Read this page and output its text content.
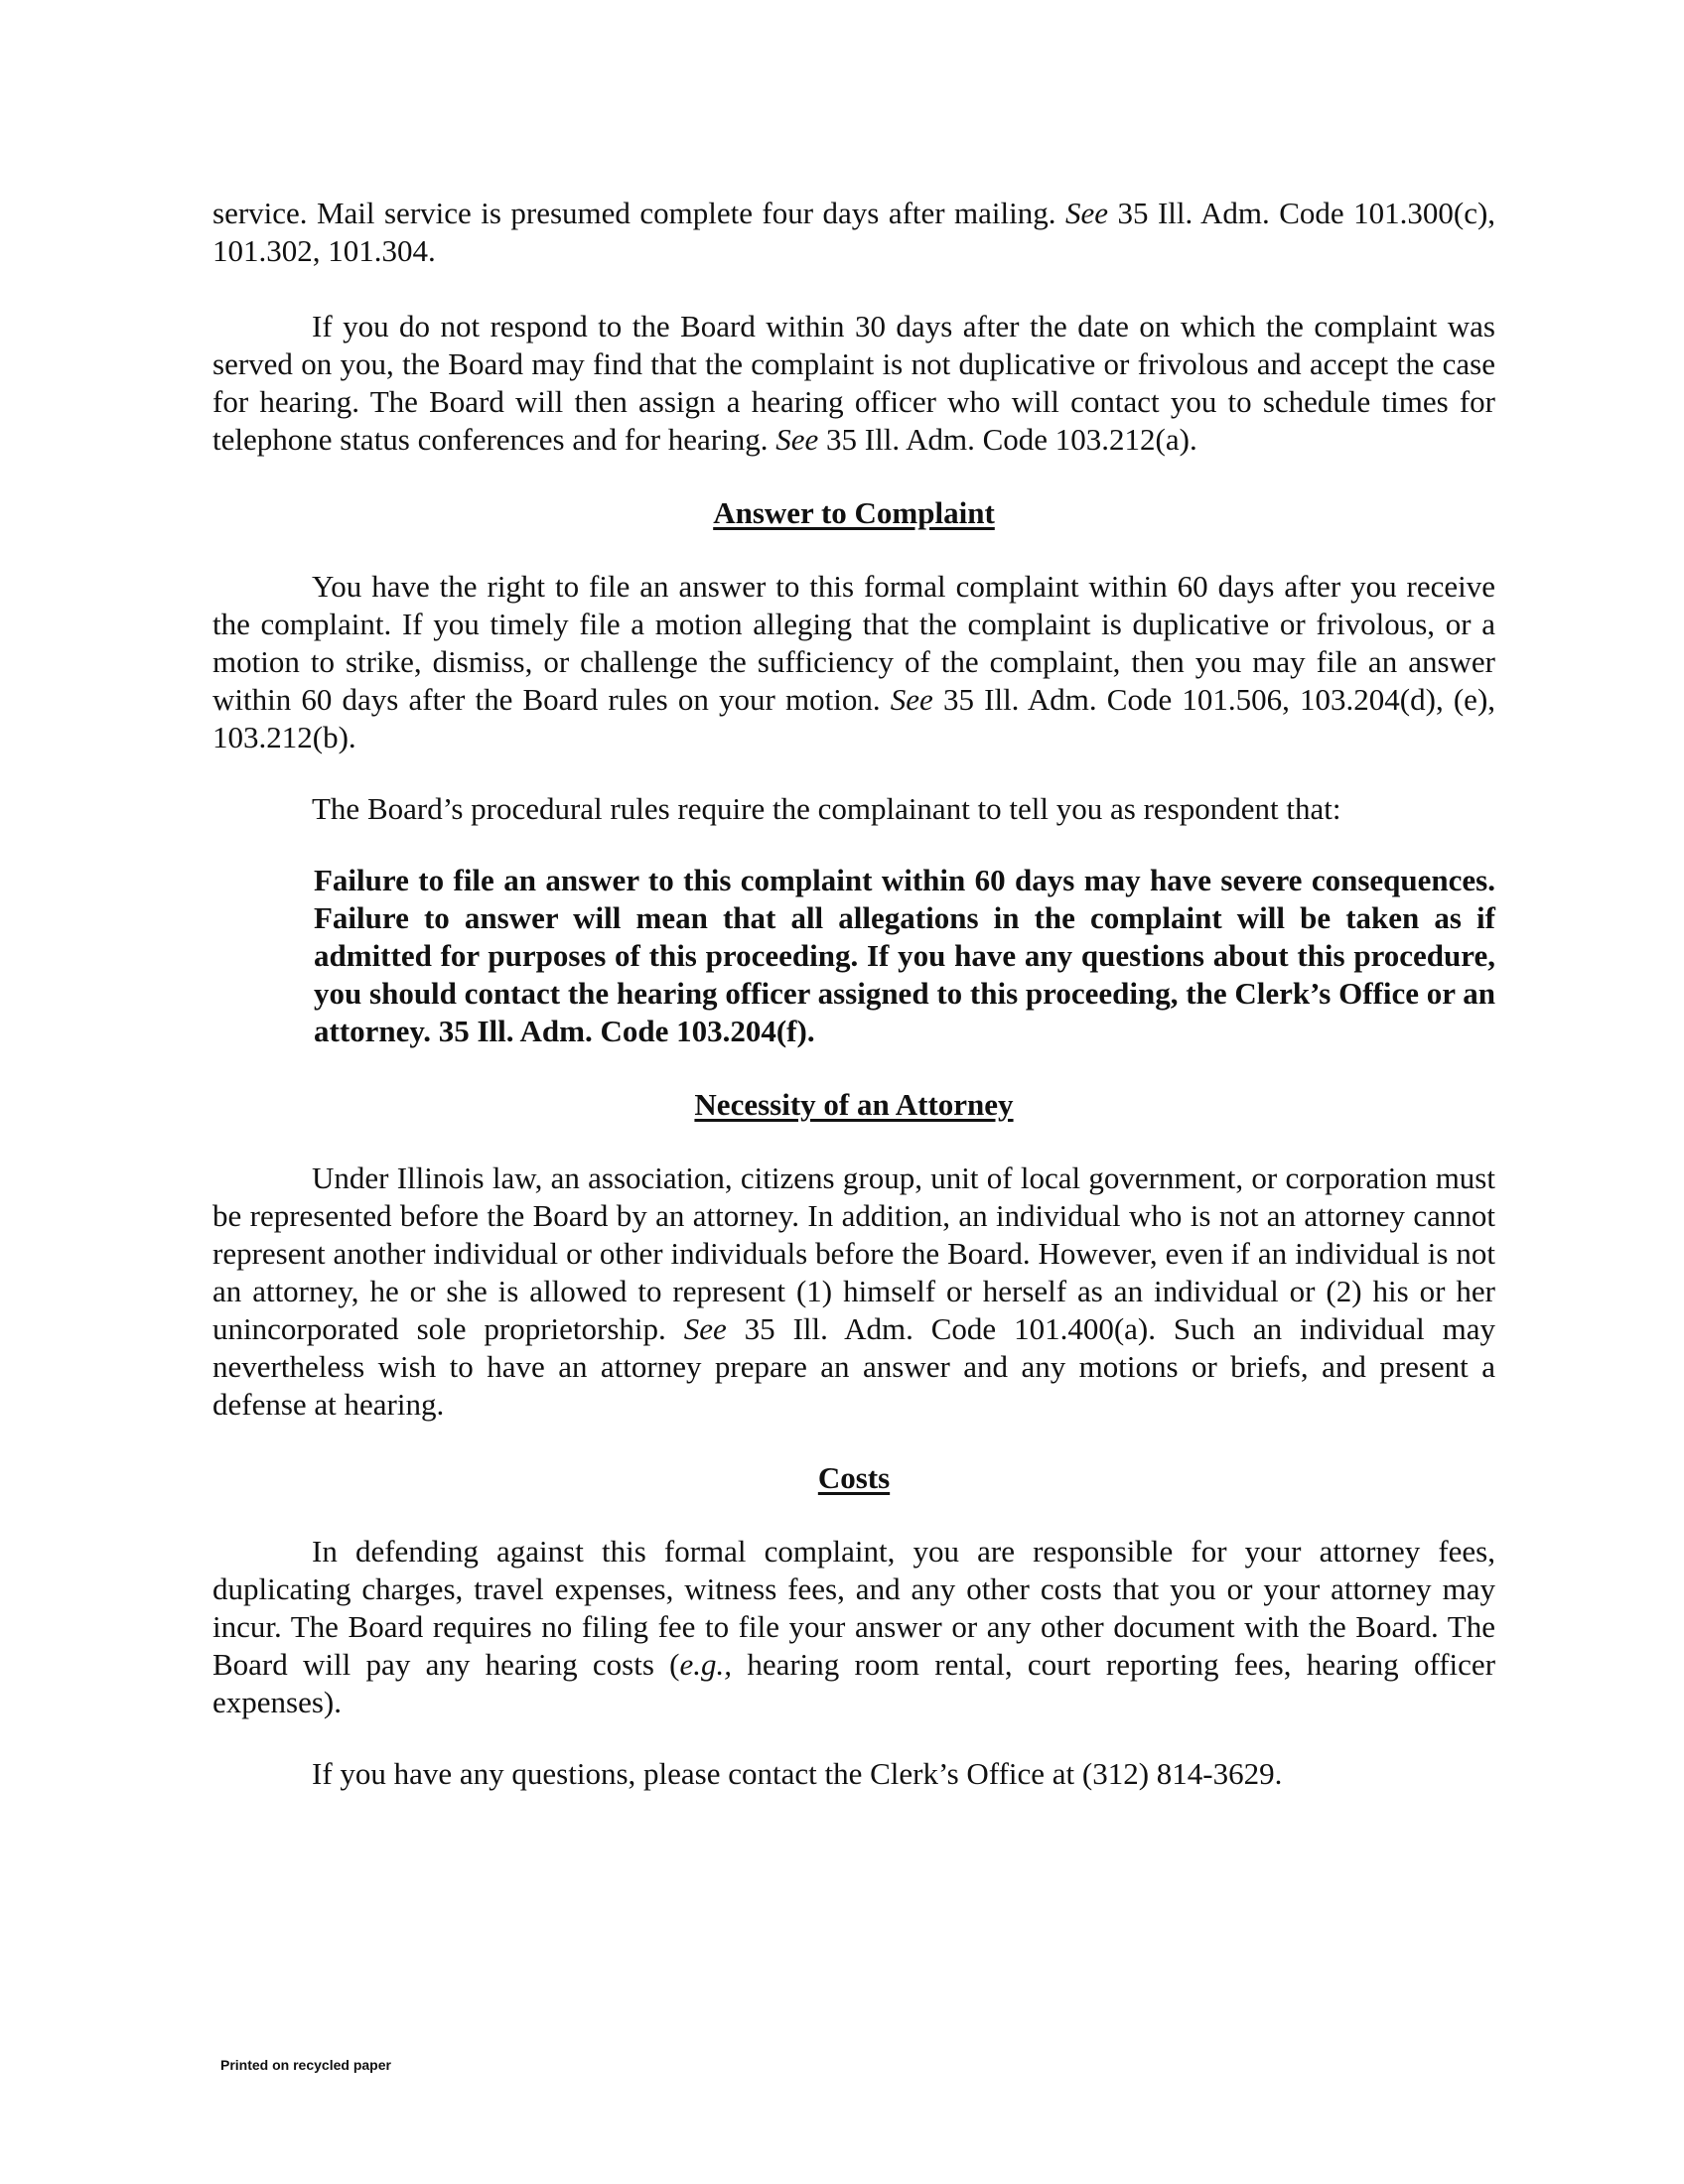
service. Mail service is presumed complete four days after mailing. See 35 Ill. Adm. Code 101.300(c), 101.302, 101.304.

If you do not respond to the Board within 30 days after the date on which the complaint was served on you, the Board may find that the complaint is not duplicative or frivolous and accept the case for hearing. The Board will then assign a hearing officer who will contact you to schedule times for telephone status conferences and for hearing. See 35 Ill. Adm. Code 103.212(a).

Answer to Complaint

You have the right to file an answer to this formal complaint within 60 days after you receive the complaint. If you timely file a motion alleging that the complaint is duplicative or frivolous, or a motion to strike, dismiss, or challenge the sufficiency of the complaint, then you may file an answer within 60 days after the Board rules on your motion. See 35 Ill. Adm. Code 101.506, 103.204(d), (e), 103.212(b).

The Board’s procedural rules require the complainant to tell you as respondent that:

Failure to file an answer to this complaint within 60 days may have severe consequences. Failure to answer will mean that all allegations in the complaint will be taken as if admitted for purposes of this proceeding. If you have any questions about this procedure, you should contact the hearing officer assigned to this proceeding, the Clerk’s Office or an attorney. 35 Ill. Adm. Code 103.204(f).

Necessity of an Attorney

Under Illinois law, an association, citizens group, unit of local government, or corporation must be represented before the Board by an attorney. In addition, an individual who is not an attorney cannot represent another individual or other individuals before the Board. However, even if an individual is not an attorney, he or she is allowed to represent (1) himself or herself as an individual or (2) his or her unincorporated sole proprietorship. See 35 Ill. Adm. Code 101.400(a). Such an individual may nevertheless wish to have an attorney prepare an answer and any motions or briefs, and present a defense at hearing.

Costs

In defending against this formal complaint, you are responsible for your attorney fees, duplicating charges, travel expenses, witness fees, and any other costs that you or your attorney may incur. The Board requires no filing fee to file your answer or any other document with the Board. The Board will pay any hearing costs (e.g., hearing room rental, court reporting fees, hearing officer expenses).

If you have any questions, please contact the Clerk’s Office at (312) 814-3629.

Printed on recycled paper
